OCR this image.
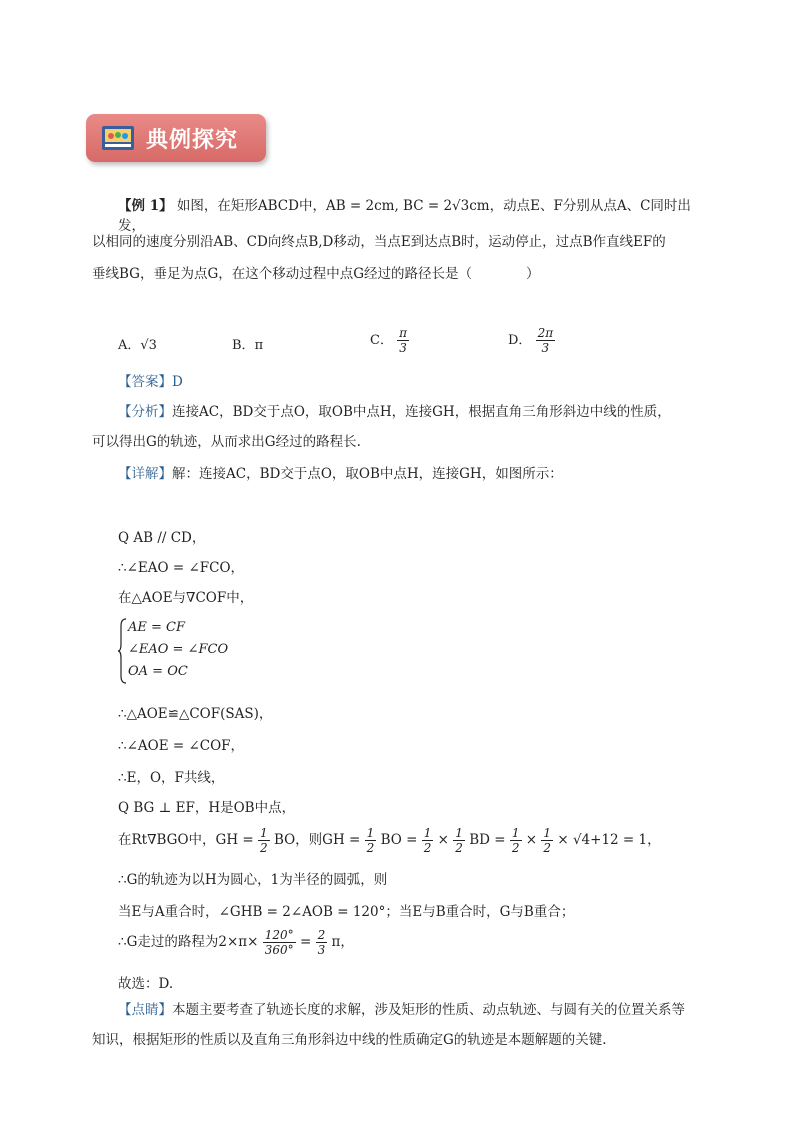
典例探究
【例 1】 如图，在矩形ABCD中，AB = 2cm, BC = 2√3cm，动点E、F分别从点A、C同时出发，
以相同的速度分别沿AB、CD向终点B,D移动，当点E到达点B时，运动停止，过点B作直线EF的
垂线BG，垂足为点G，在这个移动过程中点G经过的路径长是（　　　　）
A．√3	B．π	C． $\frac{\pi}{3}$	D． $\frac{2\pi}{3}$
【答案】D
【分析】连接AC，BD交于点O，取OB中点H，连接GH，根据直角三角形斜边中线的性质，
可以得出G的轨迹，从而求出G经过的路程长.
【详解】解：连接AC，BD交于点O，取OB中点H，连接GH，如图所示：
Q AB // CD，
∴∠EAO = ∠FCO，
在△AOE与∇COF中，
AE = CF
∠EAO = ∠FCO
OA = OC
∴△AOE≌△COF(SAS)，
∴∠AOE = ∠COF，
∴E，O，F共线，
Q BG ⊥ EF，H是OB中点，
在Rt∇BGO中，GH = $\frac{1}{2}$ BO，则GH = $\frac{1}{2}$ BO = $\frac{1}{2} \times \frac{1}{2}$ BD = $\frac{1}{2} \times \frac{1}{2} \times √4+12 = 1$，
∴G的轨迹为以H为圆心，1为半径的圆弧，则
当E与A重合时，∠GHB = 2∠AOB = 120°；当E与B重合时，G与B重合；
∴G走过的路程为$2\times\pi\times \frac{120^\circ}{360^\circ} = \frac{2}{3}$ π，
故选：D.
【点睛】本题主要考查了轨迹长度的求解，涉及矩形的性质、动点轨迹、与圆有关的位置关系等
知识，根据矩形的性质以及直角三角形斜边中线的性质确定G的轨迹是本题解题的关键.
